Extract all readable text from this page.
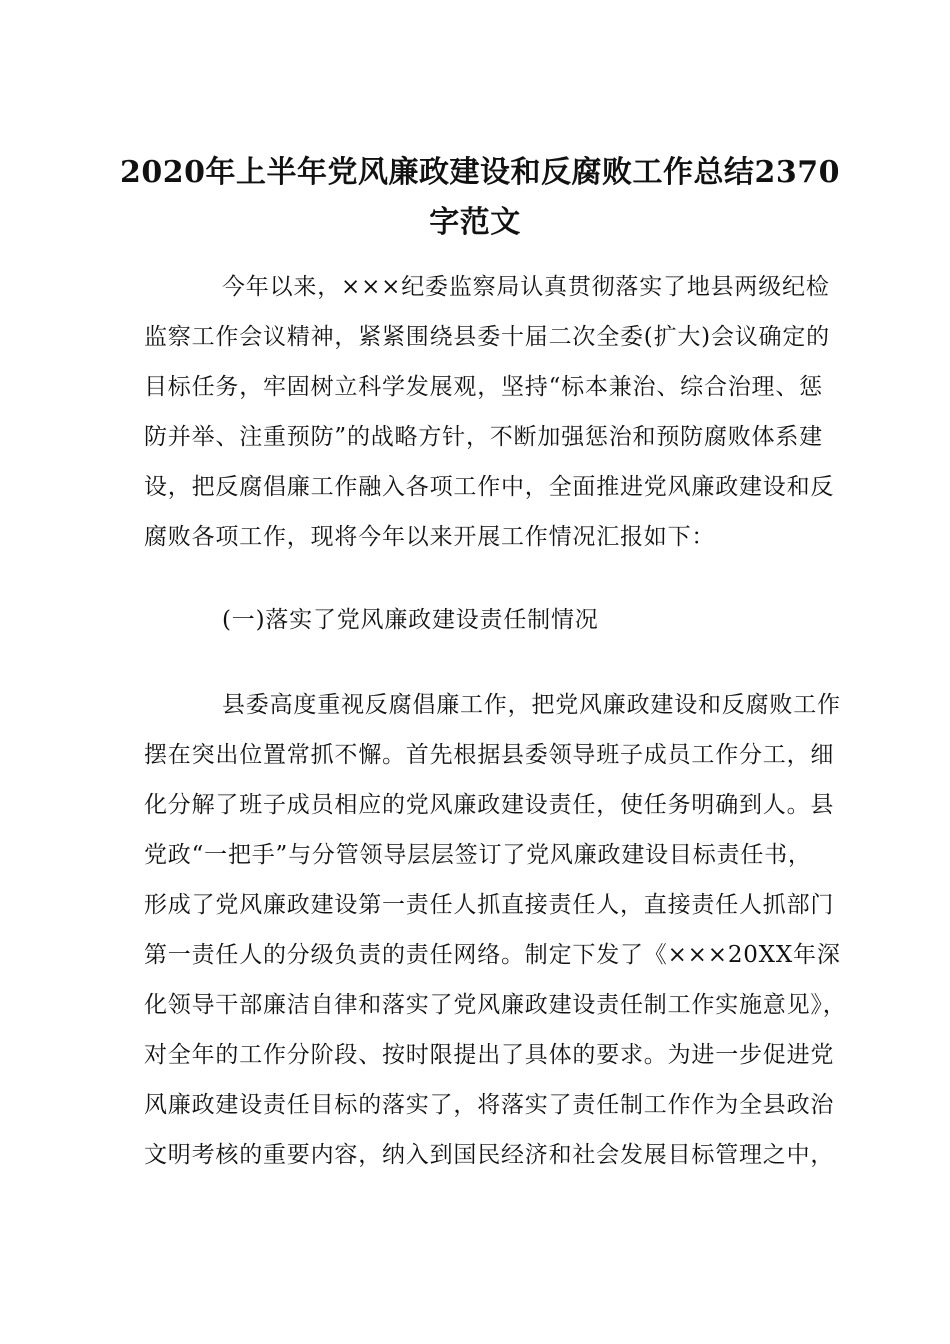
2020年上半年党风廉政建设和反腐败工作总结2370
字范文
今年以来，×××纪委监察局认真贯彻落实了地县两级纪检
监察工作会议精神，紧紧围绕县委十届二次全委(扩大)会议确定的
目标任务，牢固树立科学发展观，坚持“标本兼治、综合治理、惩
防并举、注重预防”的战略方针，不断加强惩治和预防腐败体系建
设，把反腐倡廉工作融入各项工作中，全面推进党风廉政建设和反
腐败各项工作，现将今年以来开展工作情况汇报如下：
(一)落实了党风廉政建设责任制情况
县委高度重视反腐倡廉工作，把党风廉政建设和反腐败工作
摆在突出位置常抓不懈。首先根据县委领导班子成员工作分工，细
化分解了班子成员相应的党风廉政建设责任，使任务明确到人。县
党政“一把手”与分管领导层层签订了党风廉政建设目标责任书，
形成了党风廉政建设第一责任人抓直接责任人，直接责任人抓部门
第一责任人的分级负责的责任网络。制定下发了《×××20XX年深
化领导干部廉洁自律和落实了党风廉政建设责任制工作实施意见》，
对全年的工作分阶段、按时限提出了具体的要求。为进一步促进党
风廉政建设责任目标的落实了，将落实了责任制工作作为全县政治
文明考核的重要内容，纳入到国民经济和社会发展目标管理之中，
